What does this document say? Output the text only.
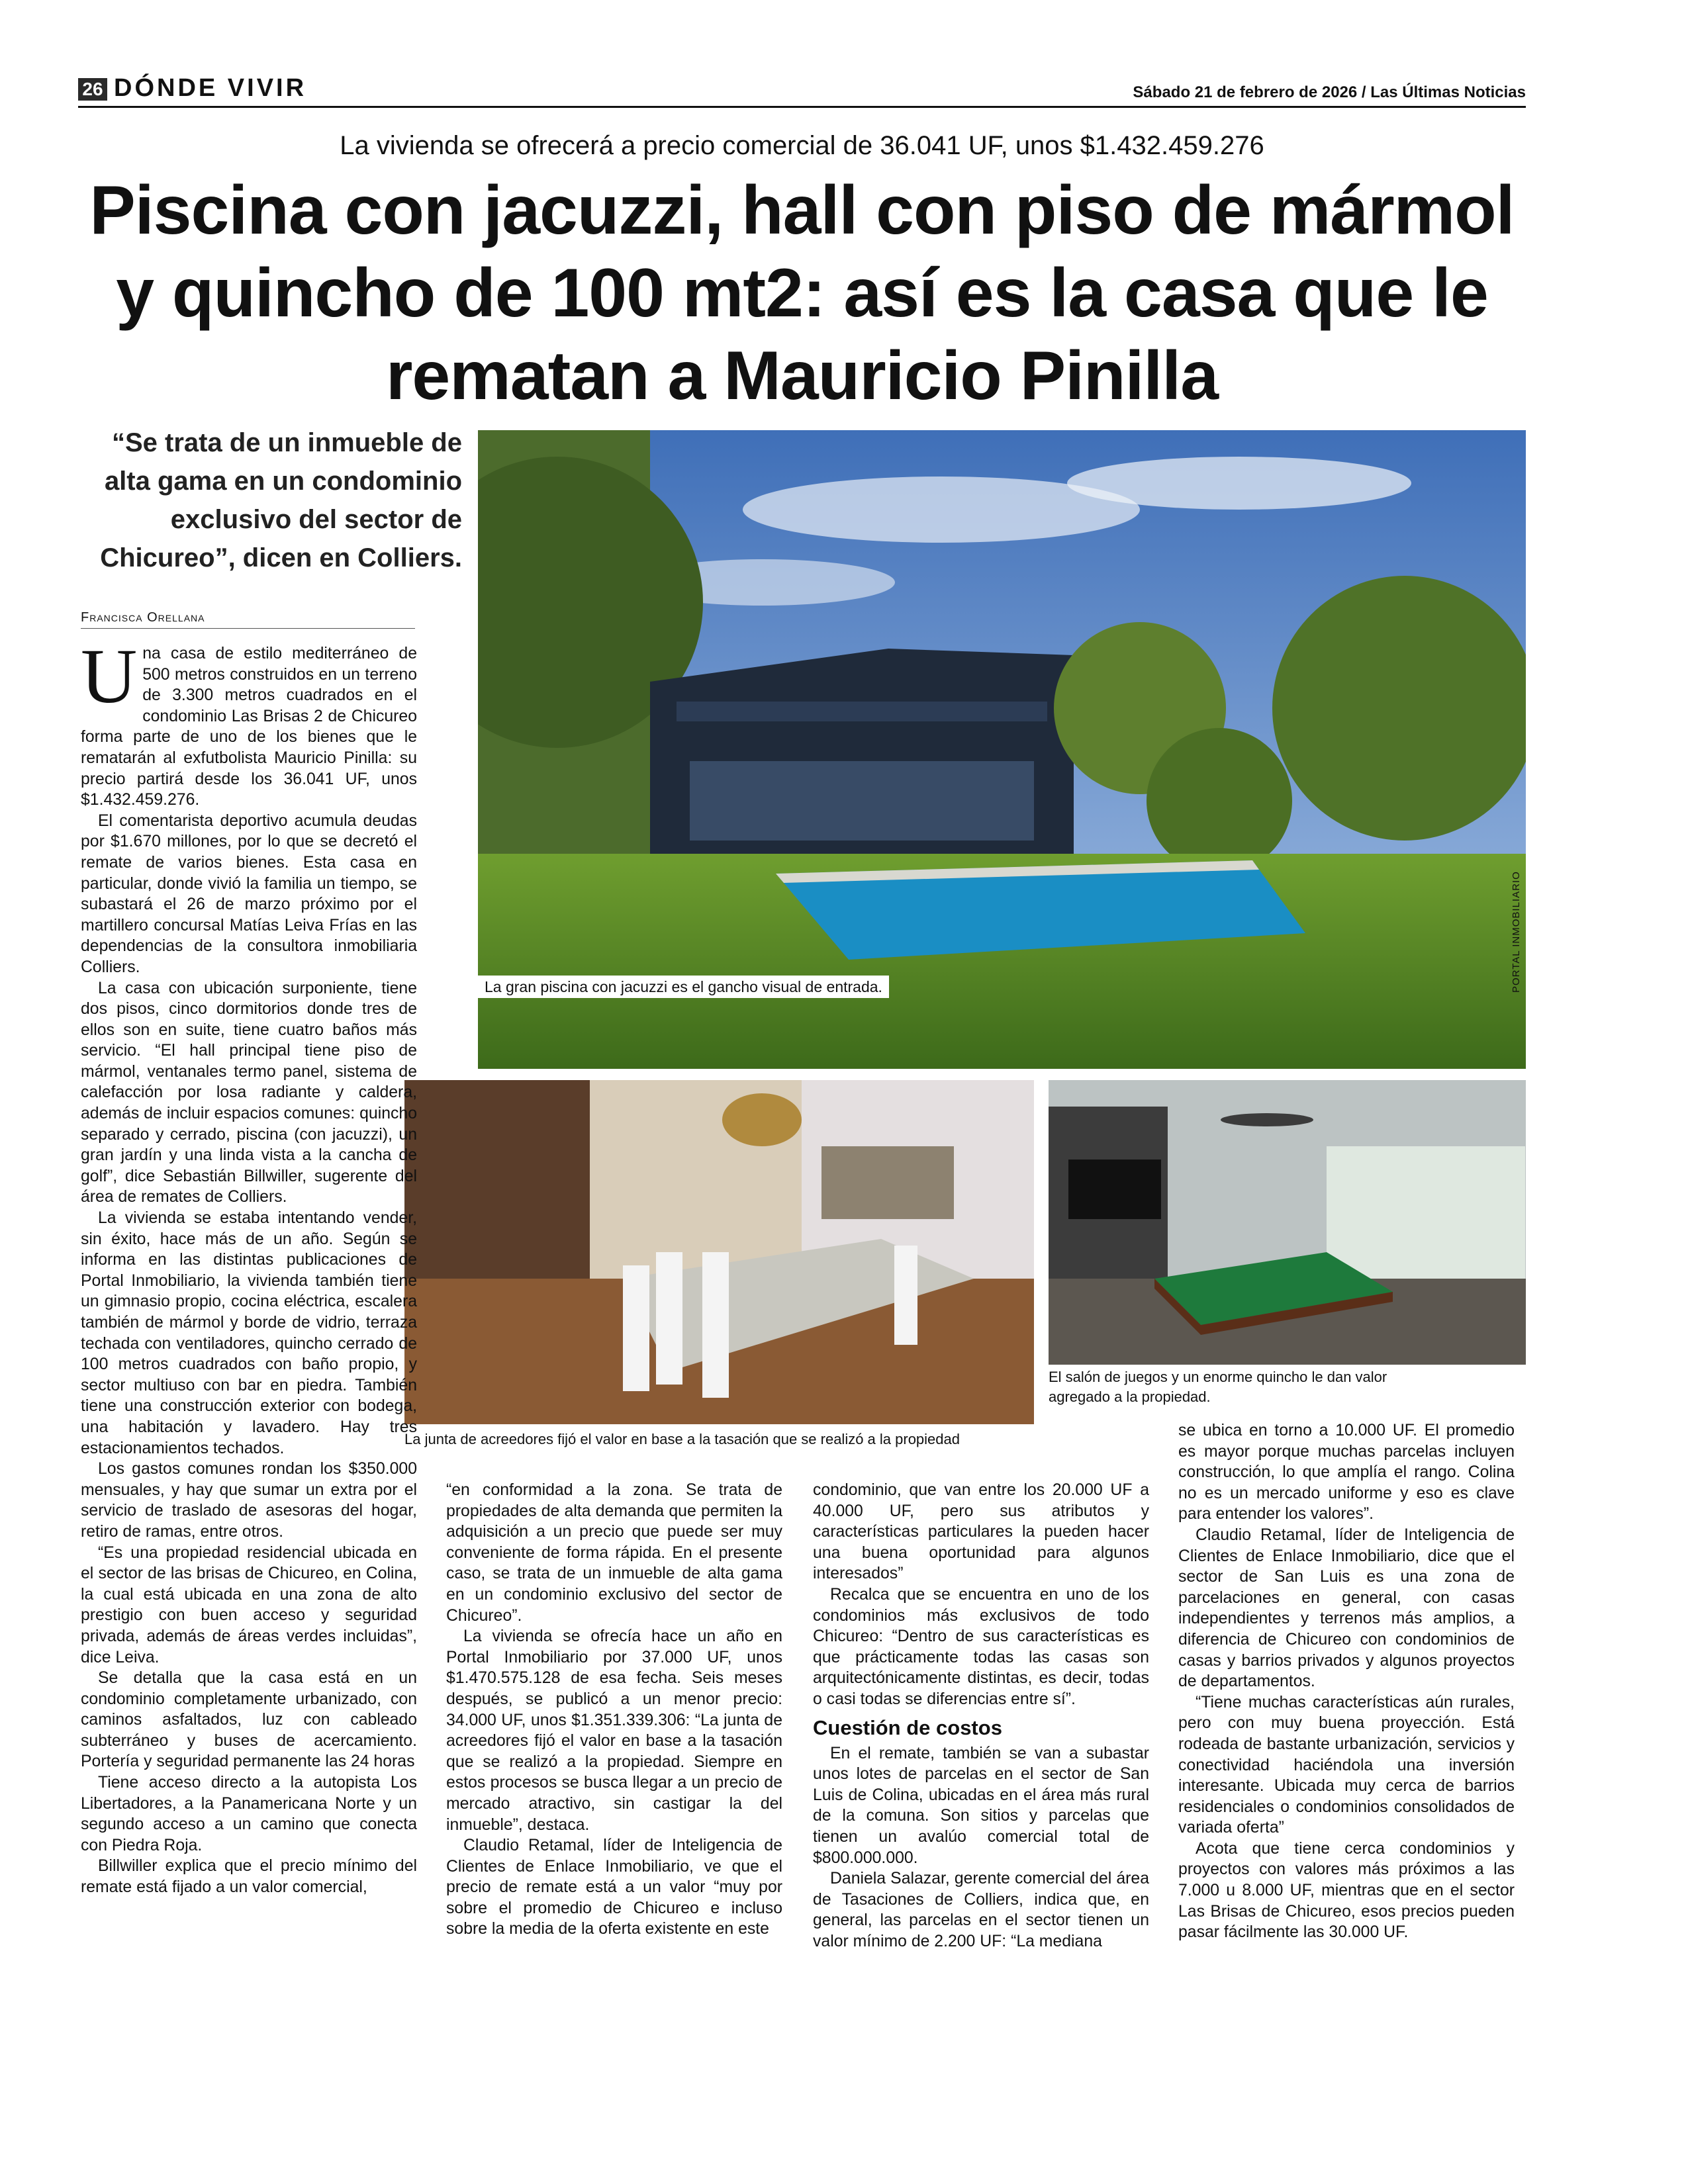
26 DÓNDE VIVIR	Sábado 21 de febrero de 2026 / Las Últimas Noticias
La vivienda se ofrecerá a precio comercial de 36.041 UF, unos $1.432.459.276
Piscina con jacuzzi, hall con piso de mármol
y quincho de 100 mt2: así es la casa que le
rematan a Mauricio Pinilla
“Se trata de un inmueble de alta gama en un condominio exclusivo del sector de Chicureo”, dicen en Colliers.
Francisca Orellana
La gran piscina con jacuzzi es el gancho visual de entrada.	PORTAL INMOBILIARIO
La junta de acreedores fijó el valor en base a la tasación que se realizó a la propiedad
El salón de juegos y un enorme quincho le dan valor agregado a la propiedad.

Una casa de estilo mediterráneo de 500 metros construidos en un terreno de 3.300 metros cuadrados en el condominio Las Brisas 2 de Chicureo forma parte de uno de los bienes que le rematarán al exfutbolista Mauricio Pinilla: su precio partirá desde los 36.041 UF, unos $1.432.459.276.

El comentarista deportivo acumula deudas por $1.670 millones, por lo que se decretó el remate de varios bienes. Esta casa en particular, donde vivió la familia un tiempo, se subastará el 26 de marzo próximo por el martillero concursal Matías Leiva Frías en las dependencias de la consultora inmobiliaria Colliers.

La casa con ubicación surponiente, tiene dos pisos, cinco dormitorios donde tres de ellos son en suite, tiene cuatro baños más servicio. “El hall principal tiene piso de mármol, ventanales termo panel, sistema de calefacción por losa radiante y caldera, además de incluir espacios comunes: quincho separado y cerrado, piscina (con jacuzzi), un gran jardín y una linda vista a la cancha de golf”, dice Sebastián Billwiller, sugerente del área de remates de Colliers.

La vivienda se estaba intentando vender, sin éxito, hace más de un año. Según se informa en las distintas publicaciones de Portal Inmobiliario, la vivienda también tiene un gimnasio propio, cocina eléctrica, escalera también de mármol y borde de vidrio, terraza techada con ventiladores, quincho cerrado de 100 metros cuadrados con baño propio, y sector multiuso con bar en piedra. También tiene una construcción exterior con bodega, una habitación y lavadero. Hay tres estacionamientos techados.

Los gastos comunes rondan los $350.000 mensuales, y hay que sumar un extra por el servicio de traslado de asesoras del hogar, retiro de ramas, entre otros.

“Es una propiedad residencial ubicada en el sector de las brisas de Chicureo, en Colina, la cual está ubicada en una zona de alto prestigio con buen acceso y seguridad privada, además de áreas verdes incluidas”, dice Leiva.

Se detalla que la casa está en un condominio completamente urbanizado, con caminos asfaltados, luz con cableado subterráneo y buses de acercamiento. Portería y seguridad permanente las 24 horas

Tiene acceso directo a la autopista Los Libertadores, a la Panamericana Norte y un segundo acceso a un camino que conecta con Piedra Roja.

Billwiller explica que el precio mínimo del remate está fijado a un valor comercial,

“en conformidad a la zona. Se trata de propiedades de alta demanda que permiten la adquisición a un precio que puede ser muy conveniente de forma rápida. En el presente caso, se trata de un inmueble de alta gama en un condominio exclusivo del sector de Chicureo”.

La vivienda se ofrecía hace un año en Portal Inmobiliario por 37.000 UF, unos $1.470.575.128 de esa fecha. Seis meses después, se publicó a un menor precio: 34.000 UF, unos $1.351.339.306: “La junta de acreedores fijó el valor en base a la tasación que se realizó a la propiedad. Siempre en estos procesos se busca llegar a un precio de mercado atractivo, sin castigar la del inmueble”, destaca.

Claudio Retamal, líder de Inteligencia de Clientes de Enlace Inmobiliario, ve que el precio de remate está a un valor “muy por sobre el promedio de Chicureo e incluso sobre la media de la oferta existente en este

condominio, que van entre los 20.000 UF a 40.000 UF, pero sus atributos y características particulares la pueden hacer una buena oportunidad para algunos interesados”

Recalca que se encuentra en uno de los condominios más exclusivos de todo Chicureo: “Dentro de sus características es que prácticamente todas las casas son arquitectónicamente distintas, es decir, todas o casi todas se diferencias entre sí”.

Cuestión de costos

En el remate, también se van a subastar unos lotes de parcelas en el sector de San Luis de Colina, ubicadas en el área más rural de la comuna. Son sitios y parcelas que tienen un avalúo comercial total de $800.000.000.

Daniela Salazar, gerente comercial del área de Tasaciones de Colliers, indica que, en general, las parcelas en el sector tienen un valor mínimo de 2.200 UF: “La mediana

se ubica en torno a 10.000 UF. El promedio es mayor porque muchas parcelas incluyen construcción, lo que amplía el rango. Colina no es un mercado uniforme y eso es clave para entender los valores”.

Claudio Retamal, líder de Inteligencia de Clientes de Enlace Inmobiliario, dice que el sector de San Luis es una zona de parcelaciones en general, con casas independientes y terrenos más amplios, a diferencia de Chicureo con condominios de casas y barrios privados y algunos proyectos de departamentos.

“Tiene muchas características aún rurales, pero con muy buena proyección. Está rodeada de bastante urbanización, servicios y conectividad haciéndola una inversión interesante. Ubicada muy cerca de barrios residenciales o condominios consolidados de variada oferta”

Acota que tiene cerca condominios y proyectos con valores más próximos a las 7.000 u 8.000 UF, mientras que en el sector Las Brisas de Chicureo, esos precios pueden pasar fácilmente las 30.000 UF.
